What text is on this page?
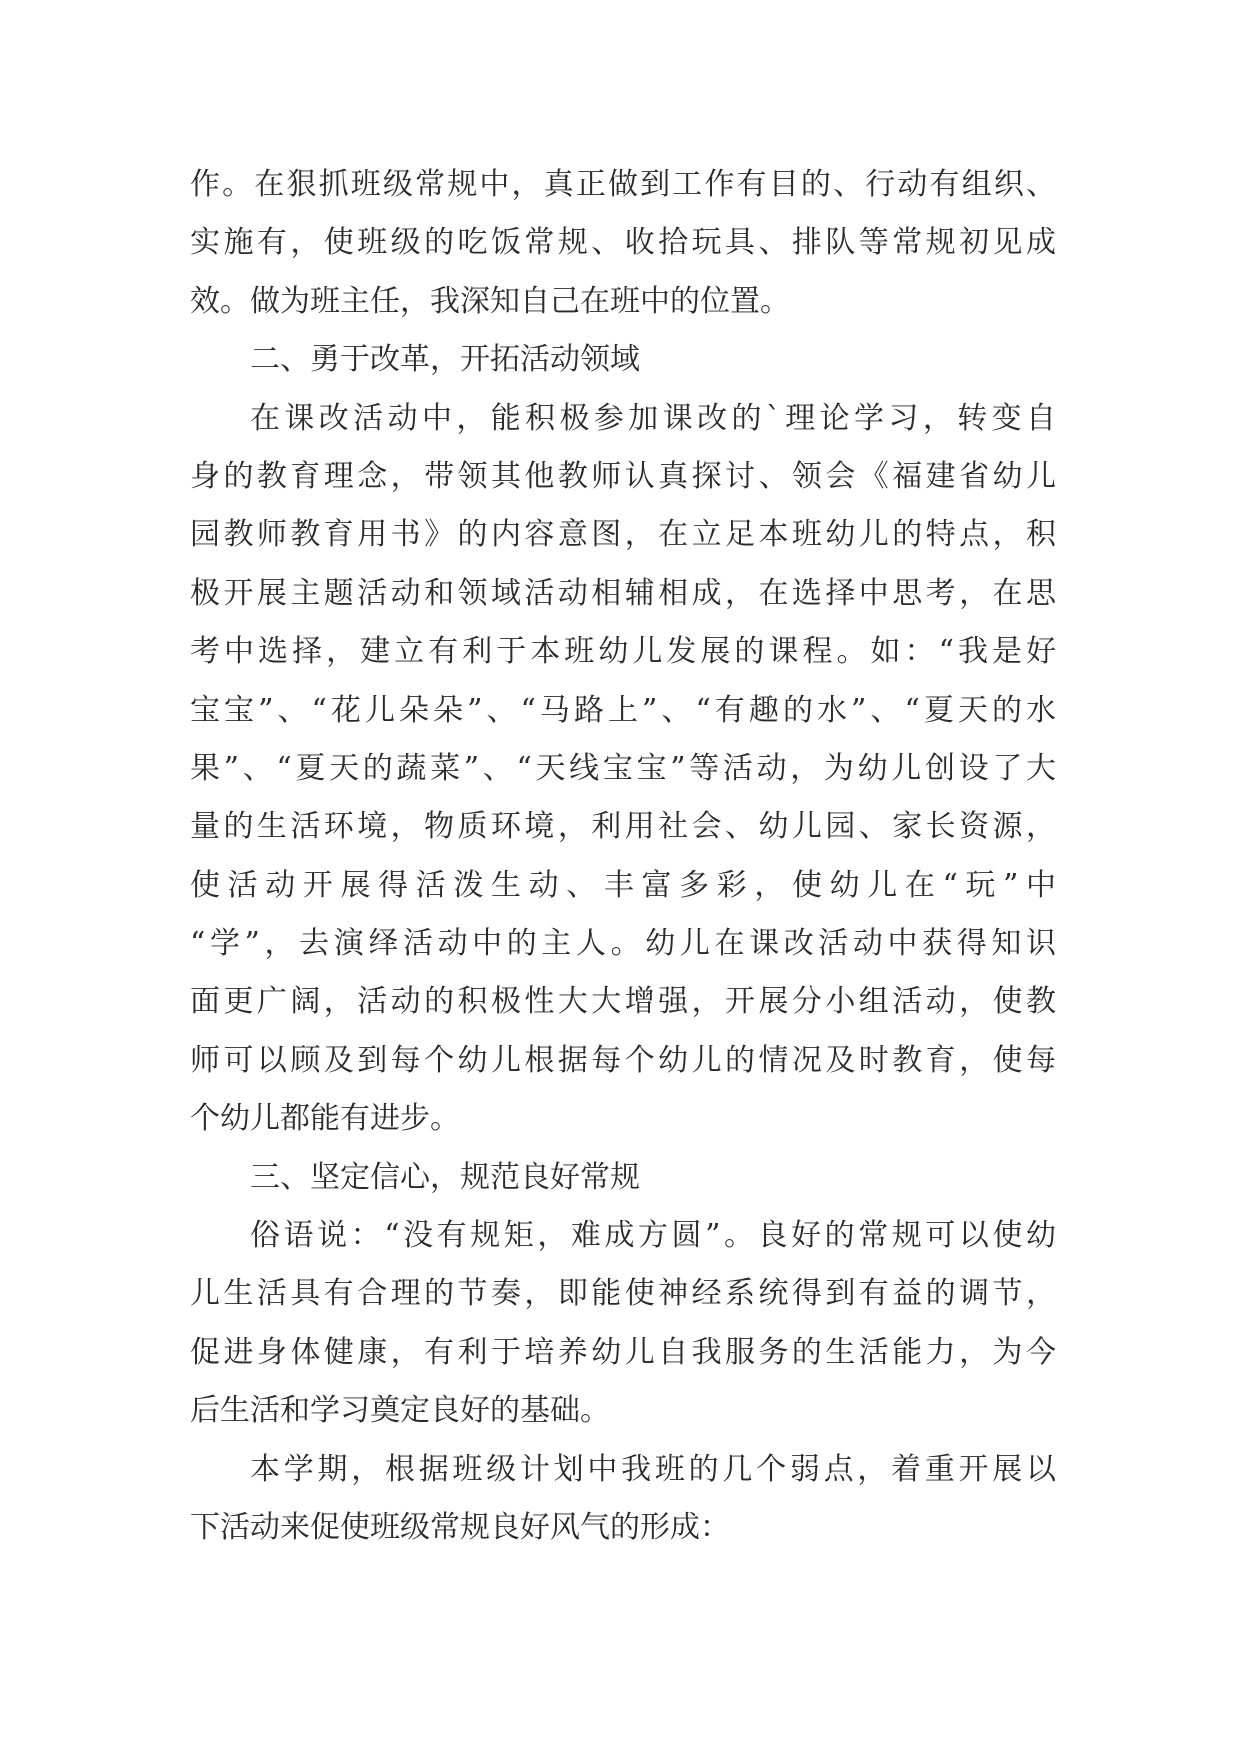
作。在狠抓班级常规中，真正做到工作有目的、行动有组织、
实施有，使班级的吃饭常规、收拾玩具、排队等常规初见成
效。做为班主任，我深知自己在班中的位置。
二、勇于改革，开拓活动领域
在课改活动中，能积极参加课改的`理论学习，转变自
身的教育理念，带领其他教师认真探讨、领会《福建省幼儿
园教师教育用书》的内容意图，在立足本班幼儿的特点，积
极开展主题活动和领域活动相辅相成，在选择中思考，在思
考中选择，建立有利于本班幼儿发展的课程。如：“我是好
宝宝”、“花儿朵朵”、“马路上”、“有趣的水”、“夏天的水
果”、“夏天的蔬菜”、“天线宝宝”等活动，为幼儿创设了大
量的生活环境，物质环境，利用社会、幼儿园、家长资源，
使活动开展得活泼生动、丰富多彩，使幼儿在“玩”中
“学”，去演绎活动中的主人。幼儿在课改活动中获得知识
面更广阔，活动的积极性大大增强，开展分小组活动，使教
师可以顾及到每个幼儿根据每个幼儿的情况及时教育，使每
个幼儿都能有进步。
三、坚定信心，规范良好常规
俗语说：“没有规矩，难成方圆”。良好的常规可以使幼
儿生活具有合理的节奏，即能使神经系统得到有益的调节，
促进身体健康，有利于培养幼儿自我服务的生活能力，为今
后生活和学习奠定良好的基础。
本学期，根据班级计划中我班的几个弱点，着重开展以
下活动来促使班级常规良好风气的形成：
